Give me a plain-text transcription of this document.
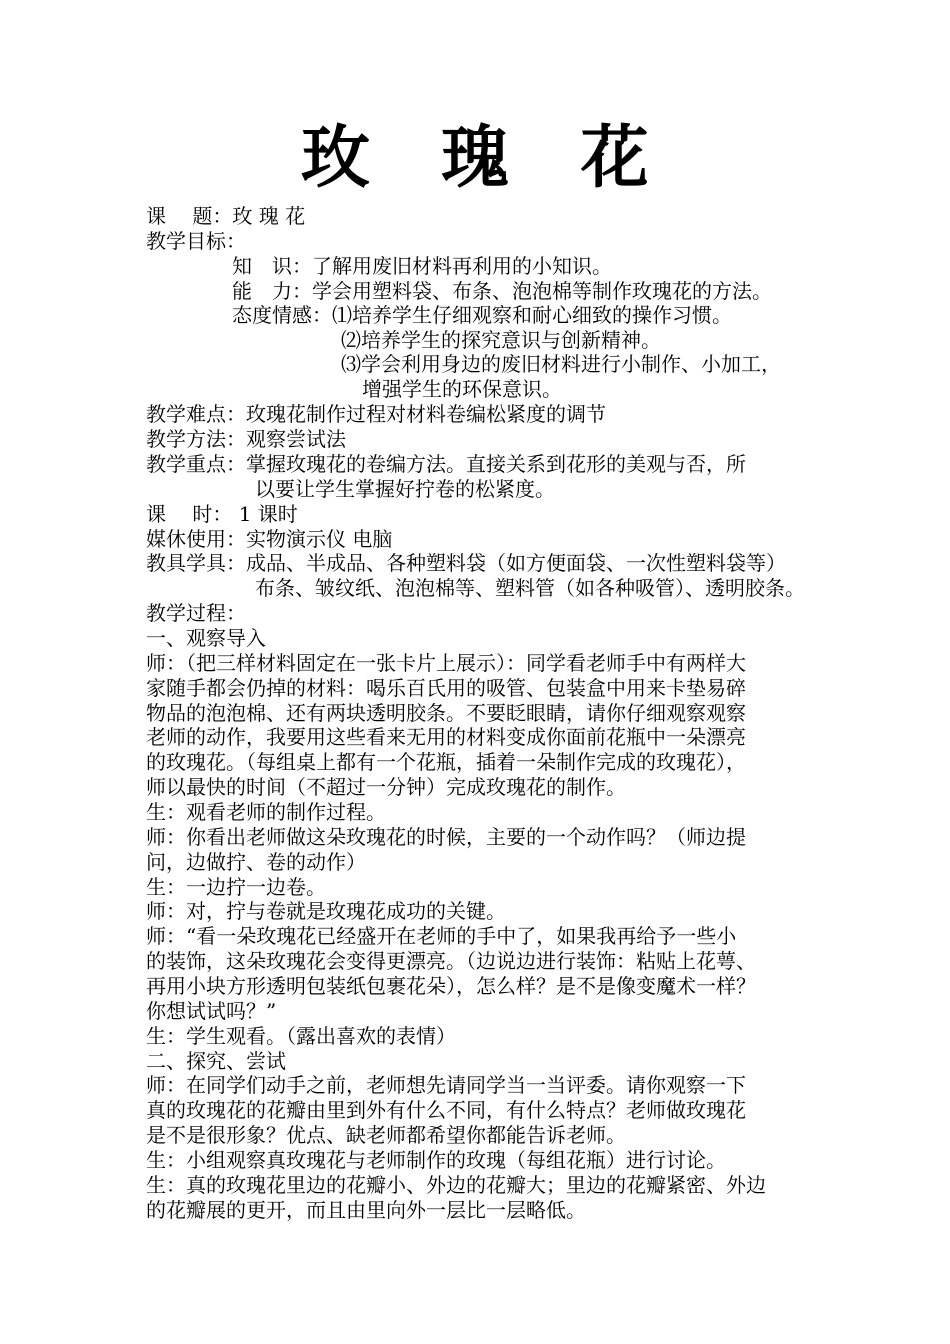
玫 瑰 花
课　 题：玫 瑰 花
教学目标：
知　识：了解用废旧材料再利用的小知识。
能　力：学会用塑料袋、布条、泡泡棉等制作玫瑰花的方法。
态度情感：⑴培养学生仔细观察和耐心细致的操作习惯。
⑵培养学生的探究意识与创新精神。
⑶学会利用身边的废旧材料进行小制作、小加工，
增强学生的环保意识。
教学难点：玫瑰花制作过程对材料卷编松紧度的调节
教学方法：观察尝试法
教学重点：掌握玫瑰花的卷编方法。直接关系到花形的美观与否，所
以要让学生掌握好拧卷的松紧度。
课　 时： 1 课时
媒休使用：实物演示仪 电脑
教具学具：成品、半成品、各种塑料袋（如方便面袋、一次性塑料袋等）
布条、皱纹纸、泡泡棉等、塑料管（如各种吸管）、透明胶条。
教学过程：
一、观察导入
师：（把三样材料固定在一张卡片上展示）：同学看老师手中有两样大
家随手都会仍掉的材料：喝乐百氏用的吸管、包装盒中用来卡垫易碎
物品的泡泡棉、还有两块透明胶条。不要眨眼睛，请你仔细观察观察
老师的动作，我要用这些看来无用的材料变成你面前花瓶中一朵漂亮
的玫瑰花。（每组桌上都有一个花瓶，插着一朵制作完成的玫瑰花），
师以最快的时间（不超过一分钟）完成玫瑰花的制作。
生：观看老师的制作过程。
师：你看出老师做这朵玫瑰花的时候，主要的一个动作吗？（师边提
问，边做拧、卷的动作）
生：一边拧一边卷。
师：对，拧与卷就是玫瑰花成功的关键。
师：“看一朵玫瑰花已经盛开在老师的手中了，如果我再给予一些小
的装饰，这朵玫瑰花会变得更漂亮。（边说边进行装饰：粘贴上花萼、
再用小块方形透明包装纸包裹花朵），怎么样？是不是像变魔术一样？
你想试试吗？”
生：学生观看。（露出喜欢的表情）
二、探究、尝试
师：在同学们动手之前，老师想先请同学当一当评委。请你观察一下
真的玫瑰花的花瓣由里到外有什么不同，有什么特点？老师做玫瑰花
是不是很形象？优点、缺老师都希望你都能告诉老师。
生：小组观察真玫瑰花与老师制作的玫瑰（每组花瓶）进行讨论。
生：真的玫瑰花里边的花瓣小、外边的花瓣大；里边的花瓣紧密、外边
的花瓣展的更开，而且由里向外一层比一层略低。
